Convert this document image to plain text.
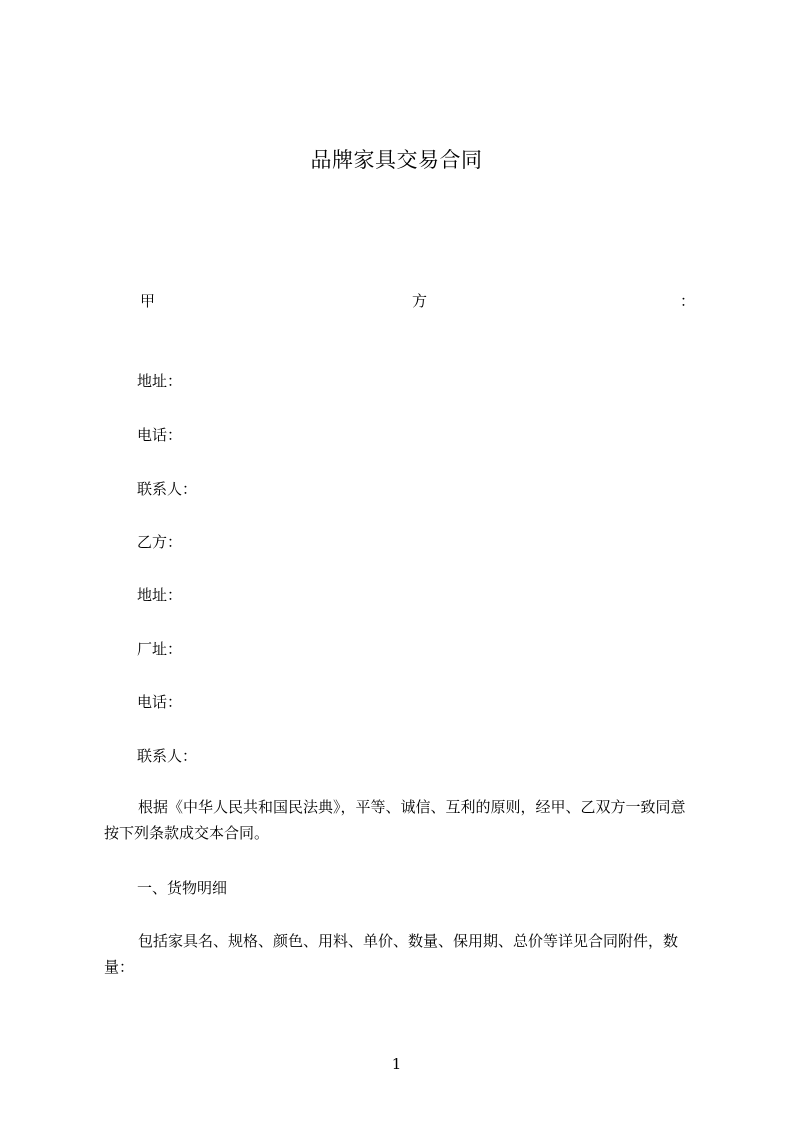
品牌家具交易合同
甲	方	：
地址：
电话：
联系人：
乙方：
地址：
厂址：
电话：
联系人：
根据《中华人民共和国民法典》，平等、诚信、互利的原则，经甲、乙双方一致同意按下列条款成交本合同。
一、货物明细
包括家具名、规格、颜色、用料、单价、数量、保用期、总价等详见合同附件，数量：
1
